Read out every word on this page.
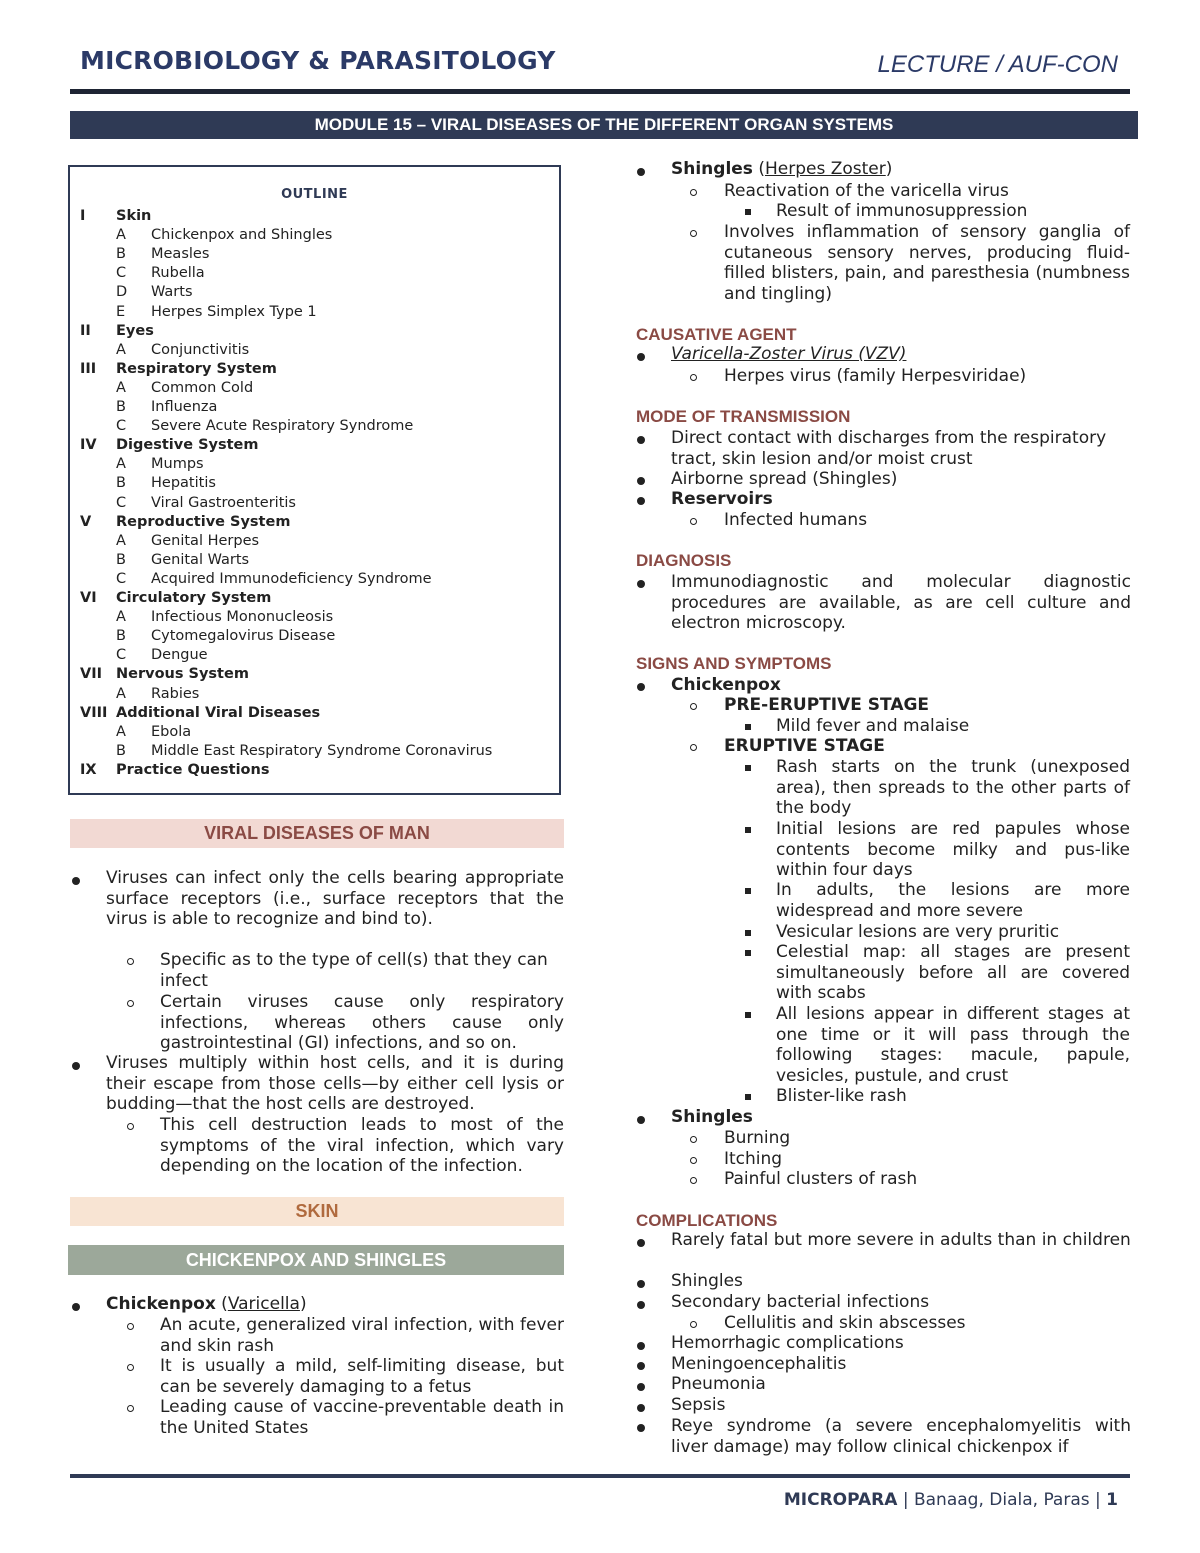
MICROBIOLOGY & PARASITOLOGY	LECTURE / AUF-CON
MODULE 15 – VIRAL DISEASES OF THE DIFFERENT ORGAN SYSTEMS
OUTLINE
I Skin
A Chickenpox and Shingles
B Measles
C Rubella
D Warts
E Herpes Simplex Type 1
II Eyes
A Conjunctivitis
III Respiratory System
A Common Cold
B Influenza
C Severe Acute Respiratory Syndrome
IV Digestive System
A Mumps
B Hepatitis
C Viral Gastroenteritis
V Reproductive System
A Genital Herpes
B Genital Warts
C Acquired Immunodeficiency Syndrome
VI Circulatory System
A Infectious Mononucleosis
B Cytomegalovirus Disease
C Dengue
VII Nervous System
A Rabies
VIII Additional Viral Diseases
A Ebola
B Middle East Respiratory Syndrome Coronavirus
IX Practice Questions
VIRAL DISEASES OF MAN
Viruses can infect only the cells bearing appropriate surface receptors (i.e., surface receptors that the virus is able to recognize and bind to).
Specific as to the type of cell(s) that they can infect
Certain viruses cause only respiratory infections, whereas others cause only gastrointestinal (GI) infections, and so on.
Viruses multiply within host cells, and it is during their escape from those cells—by either cell lysis or budding—that the host cells are destroyed.
This cell destruction leads to most of the symptoms of the viral infection, which vary depending on the location of the infection.
SKIN
CHICKENPOX AND SHINGLES
Chickenpox (Varicella)
An acute, generalized viral infection, with fever and skin rash
It is usually a mild, self-limiting disease, but can be severely damaging to a fetus
Leading cause of vaccine-preventable death in the United States
Shingles (Herpes Zoster)
Reactivation of the varicella virus
Result of immunosuppression
Involves inflammation of sensory ganglia of cutaneous sensory nerves, producing fluid-filled blisters, pain, and paresthesia (numbness and tingling)
CAUSATIVE AGENT
Varicella-Zoster Virus (VZV)
Herpes virus (family Herpesviridae)
MODE OF TRANSMISSION
Direct contact with discharges from the respiratory tract, skin lesion and/or moist crust
Airborne spread (Shingles)
Reservoirs
Infected humans
DIAGNOSIS
Immunodiagnostic and molecular diagnostic procedures are available, as are cell culture and electron microscopy.
SIGNS AND SYMPTOMS
Chickenpox
PRE-ERUPTIVE STAGE
Mild fever and malaise
ERUPTIVE STAGE
Rash starts on the trunk (unexposed area), then spreads to the other parts of the body
Initial lesions are red papules whose contents become milky and pus-like within four days
In adults, the lesions are more widespread and more severe
Vesicular lesions are very pruritic
Celestial map: all stages are present simultaneously before all are covered with scabs
All lesions appear in different stages at one time or it will pass through the following stages: macule, papule, vesicles, pustule, and crust
Blister-like rash
Shingles
Burning
Itching
Painful clusters of rash
COMPLICATIONS
Rarely fatal but more severe in adults than in children
Shingles
Secondary bacterial infections
Cellulitis and skin abscesses
Hemorrhagic complications
Meningoencephalitis
Pneumonia
Sepsis
Reye syndrome (a severe encephalomyelitis with liver damage) may follow clinical chickenpox if
MICROPARA | Banaag, Diala, Paras | 1
